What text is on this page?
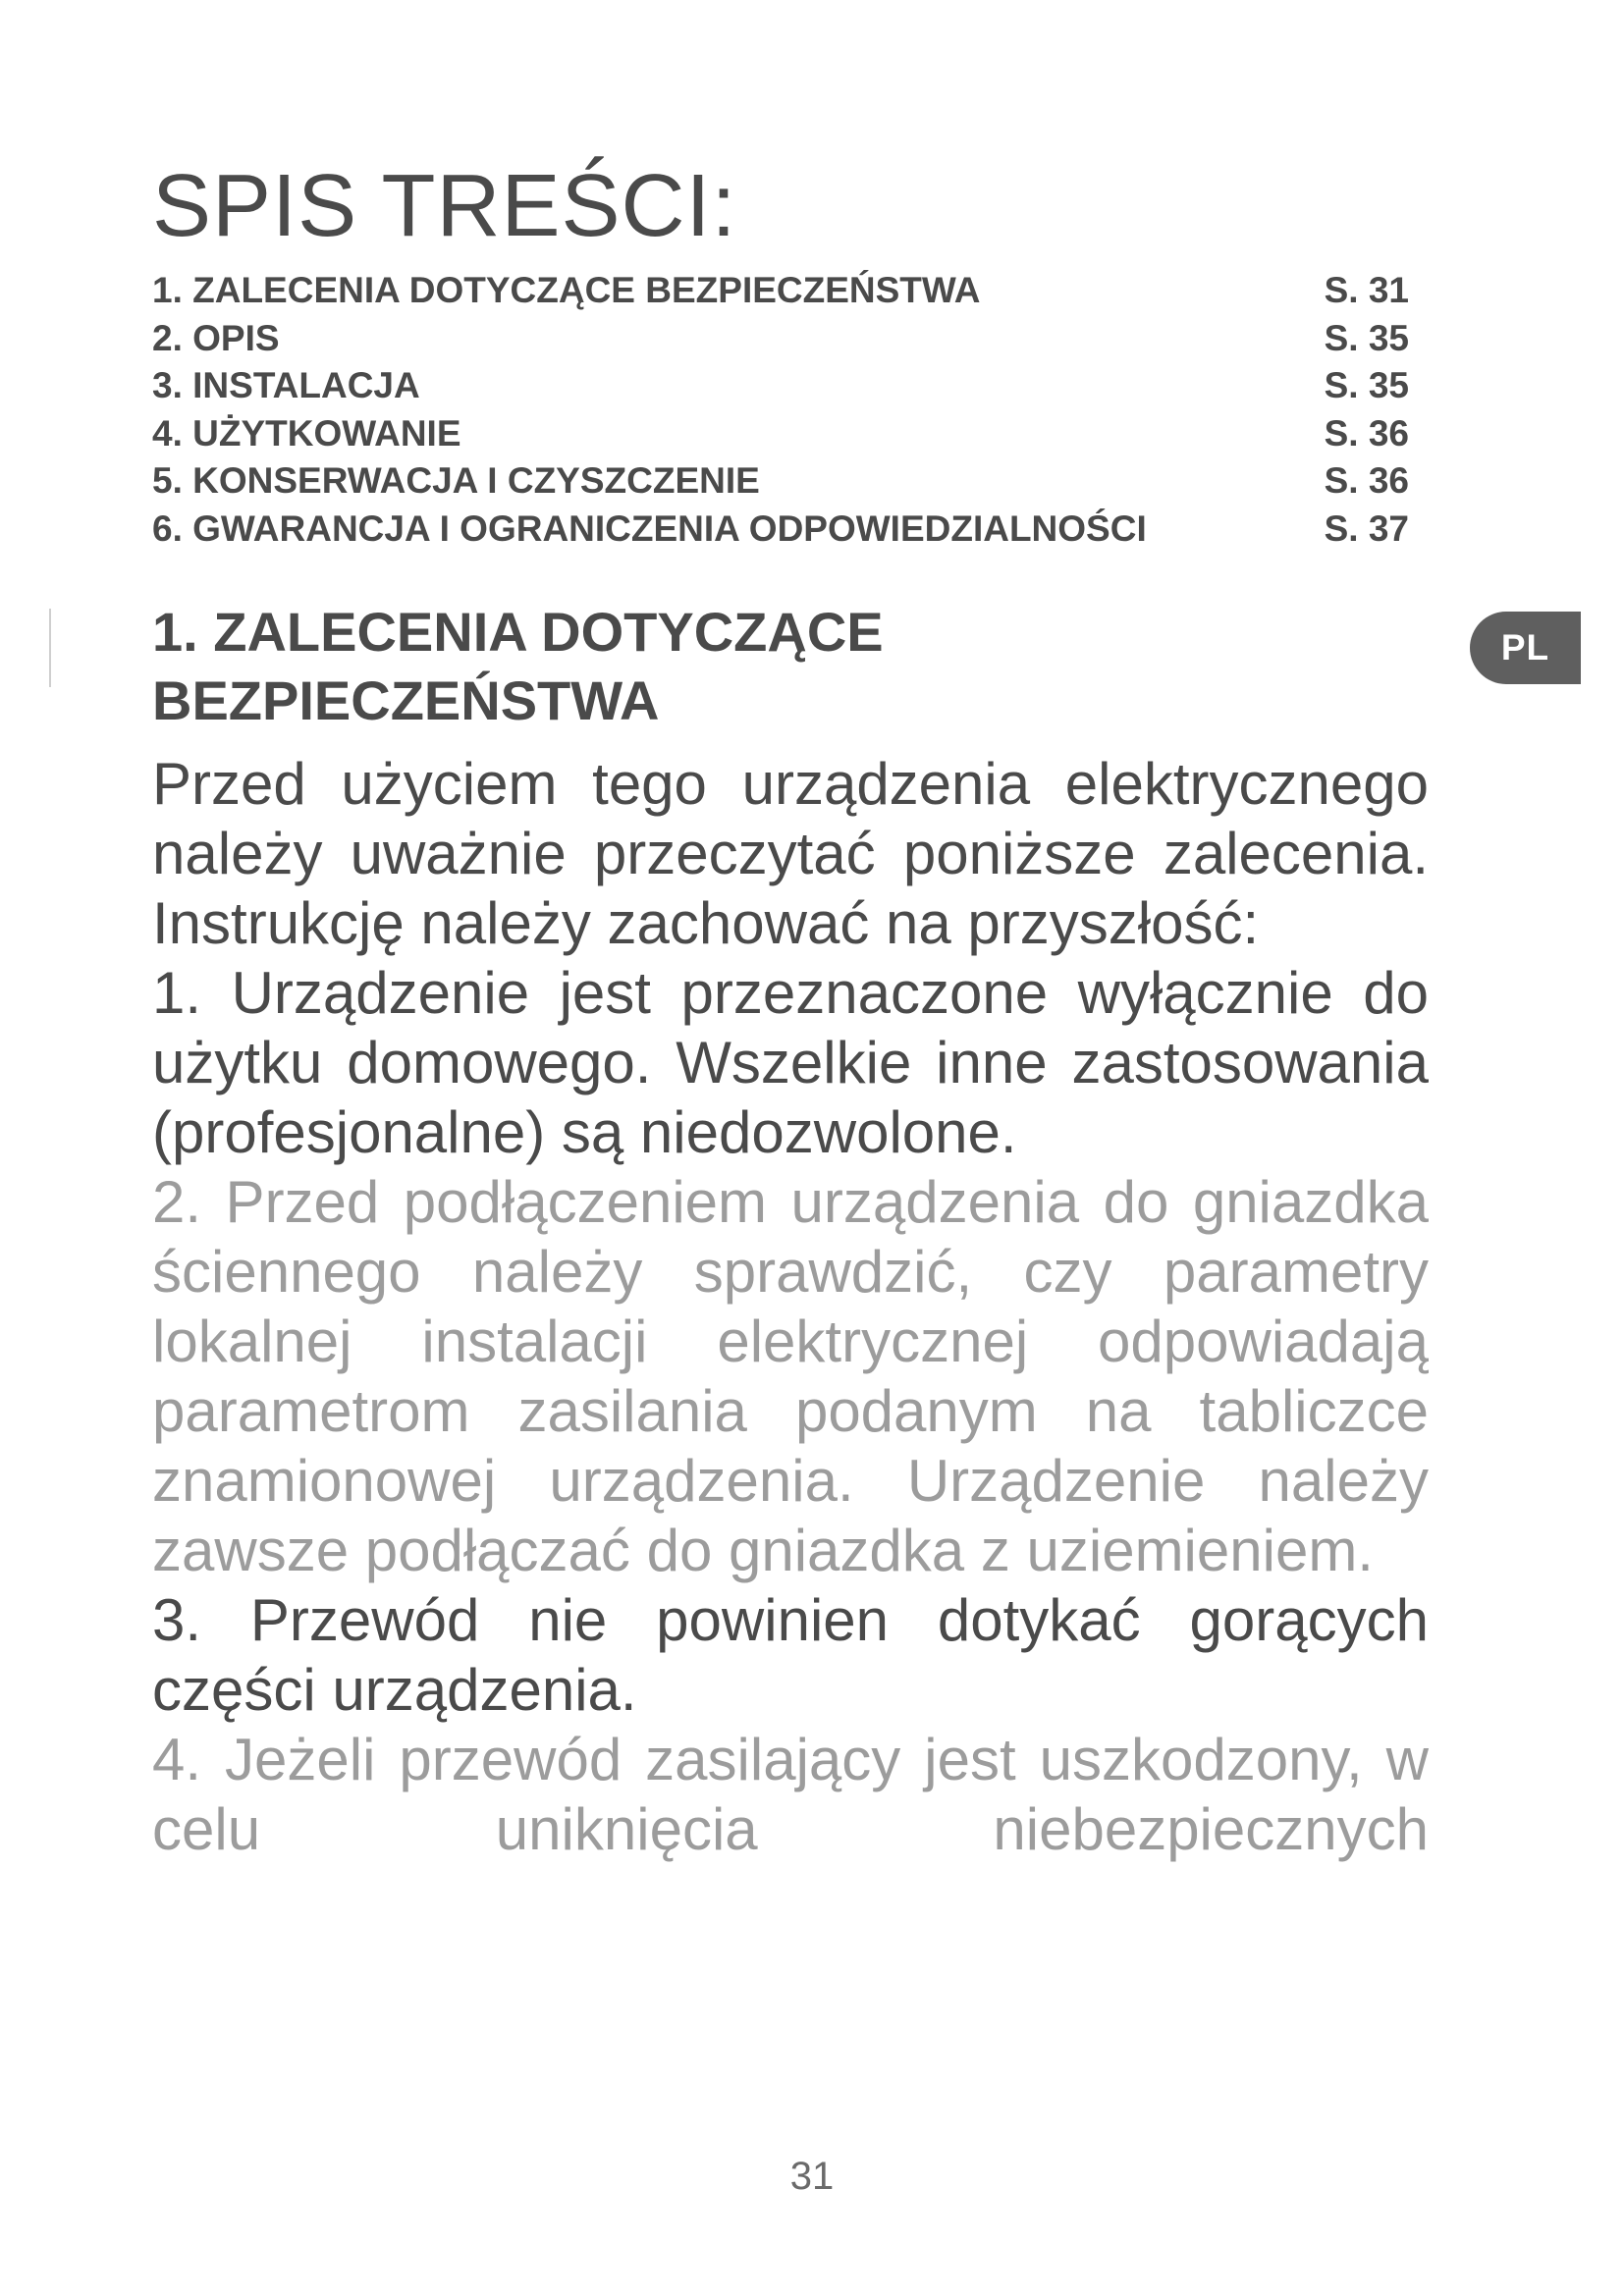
PL
SPIS TREŚCI:
1. ZALECENIA DOTYCZĄCE BEZPIECZEŃSTWA	S. 31
2. OPIS	S. 35
3. INSTALACJA	S. 35
4. UŻYTKOWANIE	S. 36
5. KONSERWACJA I CZYSZCZENIE	S. 36
6. GWARANCJA I OGRANICZENIA ODPOWIEDZIALNOŚCI	S. 37
1. ZALECENIA DOTYCZĄCE BEZPIECZEŃSTWA

Przed użyciem tego urządzenia elektrycznego należy uważnie przeczytać poniższe zalecenia. Instrukcję należy zachować na przyszłość:

1. Urządzenie jest przeznaczone wyłącznie do użytku domowego. Wszelkie inne zastosowania (profesjonalne) są niedozwolone.

2. Przed podłączeniem urządzenia do gniazdka ściennego należy sprawdzić, czy parametry lokalnej instalacji elektrycznej odpowiadają parametrom zasilania podanym na tabliczce znamionowej urządzenia. Urządzenie należy zawsze podłączać do gniazdka z uziemieniem.

3. Przewód nie powinien dotykać gorących części urządzenia.

4. Jeżeli przewód zasilający jest uszkodzony, w celu uniknięcia niebezpiecznych

31
